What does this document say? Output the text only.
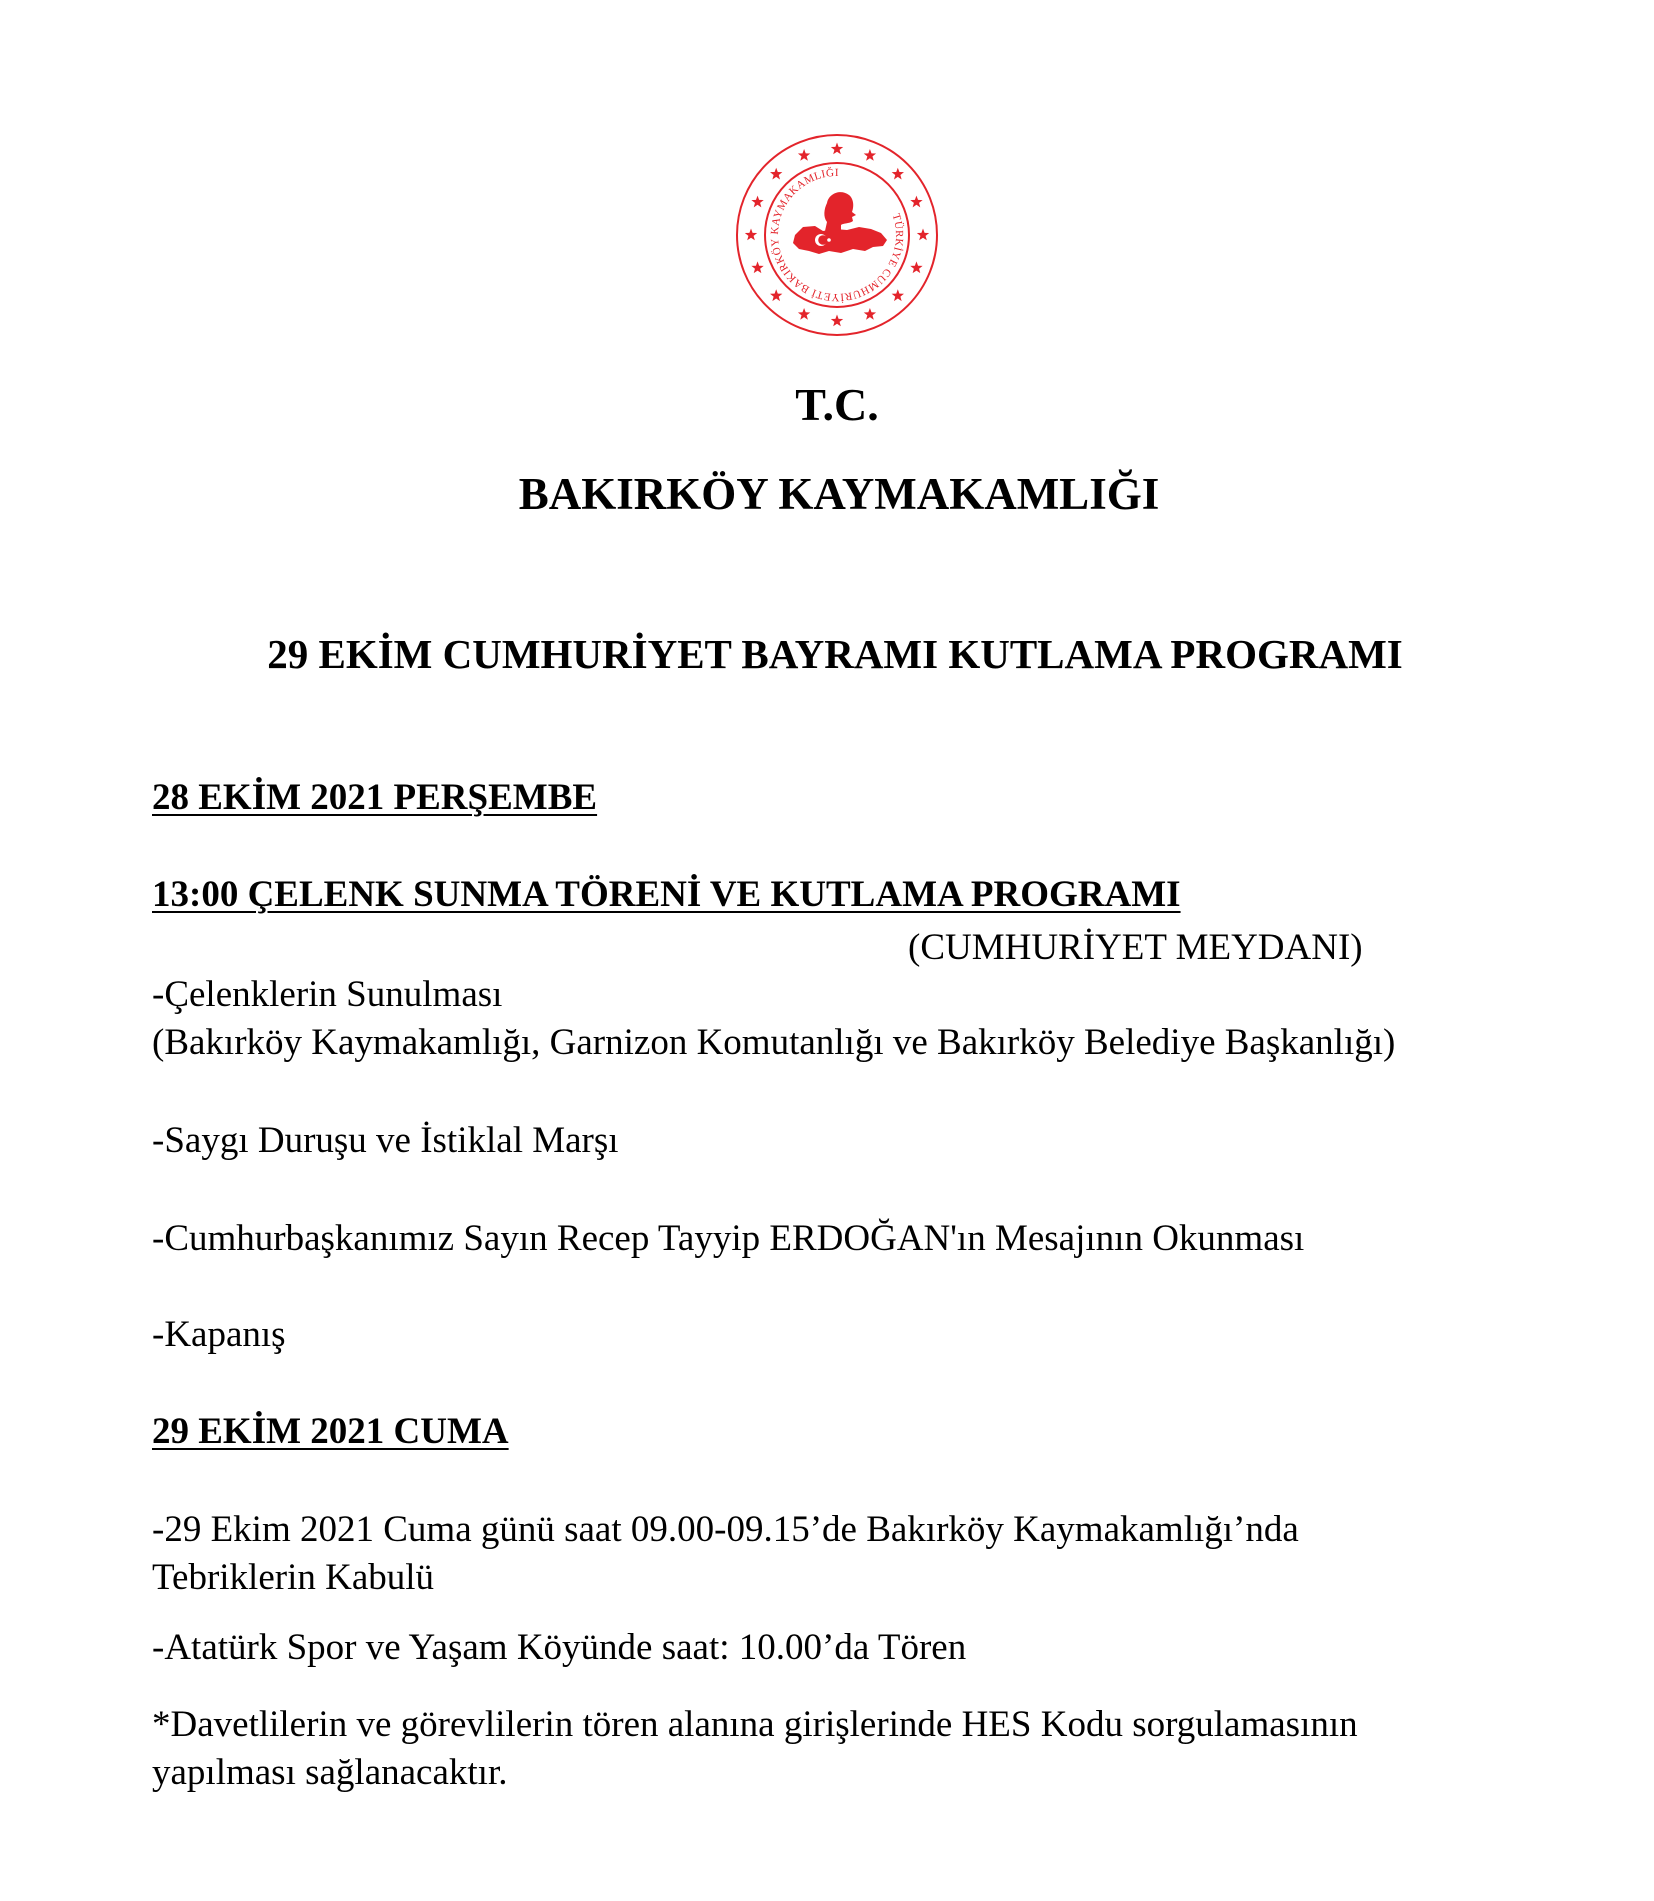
TÜRKİYE CUMHURİYETİ BAKIRKÖY KAYMAKAMLIĞI
T.C.
BAKIRKÖY KAYMAKAMLIĞI
29 EKİM CUMHURİYET BAYRAMI KUTLAMA PROGRAMI
28 EKİM 2021 PERŞEMBE
13:00 ÇELENK SUNMA TÖRENİ VE KUTLAMA PROGRAMI
(CUMHURİYET MEYDANI)
-Çelenklerin Sunulması
(Bakırköy Kaymakamlığı, Garnizon Komutanlığı ve Bakırköy Belediye Başkanlığı)
-Saygı Duruşu ve İstiklal Marşı
-Cumhurbaşkanımız Sayın Recep Tayyip ERDOĞAN'ın Mesajının Okunması
-Kapanış
29 EKİM 2021 CUMA
-29 Ekim 2021 Cuma günü saat 09.00-09.15’de Bakırköy Kaymakamlığı’nda
Tebriklerin Kabulü
-Atatürk Spor ve Yaşam Köyünde saat: 10.00’da Tören
*Davetlilerin ve görevlilerin tören alanına girişlerinde HES Kodu sorgulamasının
yapılması sağlanacaktır.
